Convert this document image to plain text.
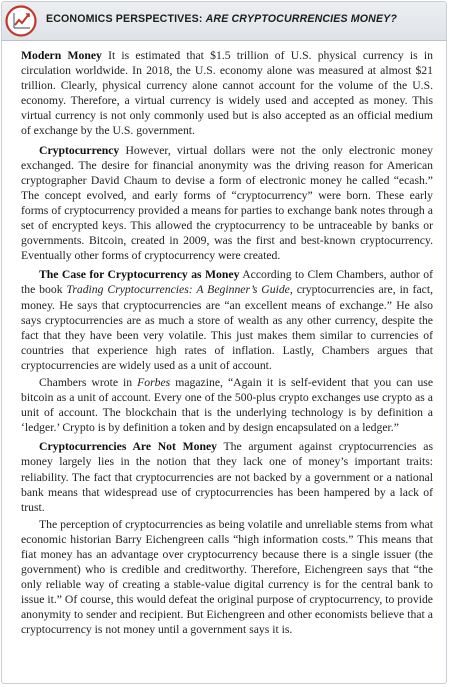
ECONOMICS PERSPECTIVES: ARE CRYPTOCURRENCIES MONEY?

Modern Money It is estimated that $1.5 trillion of U.S. physical currency is in circulation worldwide. In 2018, the U.S. economy alone was measured at almost $21 trillion. Clearly, physical currency alone cannot account for the volume of the U.S. economy. Therefore, a virtual currency is widely used and accepted as money. This virtual currency is not only commonly used but is also accepted as an official medium of exchange by the U.S. government.

Cryptocurrency However, virtual dollars were not the only electronic money exchanged. The desire for financial anonymity was the driving reason for American cryptographer David Chaum to devise a form of electronic money he called “ecash.” The concept evolved, and early forms of “cryptocurrency” were born. These early forms of cryptocurrency provided a means for parties to exchange bank notes through a set of encrypted keys. This allowed the cryptocurrency to be untraceable by banks or governments. Bitcoin, created in 2009, was the first and best-known cryptocurrency. Eventually other forms of cryptocurrency were created.

The Case for Cryptocurrency as Money According to Clem Chambers, author of the book Trading Cryptocurrencies: A Beginner’s Guide, cryptocurrencies are, in fact, money. He says that cryptocurrencies are “an excellent means of exchange.” He also says cryptocurrencies are as much a store of wealth as any other currency, despite the fact that they have been very volatile. This just makes them similar to currencies of countries that experience high rates of inflation. Lastly, Chambers argues that cryptocurrencies are widely used as a unit of account.

Chambers wrote in Forbes magazine, “Again it is self-evident that you can use bitcoin as a unit of account. Every one of the 500-plus crypto exchanges use crypto as a unit of account. The blockchain that is the underlying technology is by definition a ‘ledger.’ Crypto is by definition a token and by design encapsulated on a ledger.”

Cryptocurrencies Are Not Money The argument against cryptocurrencies as money largely lies in the notion that they lack one of money’s important traits: reliability. The fact that cryptocurrencies are not backed by a government or a national bank means that widespread use of cryptocurrencies has been hampered by a lack of trust.

The perception of cryptocurrencies as being volatile and unreliable stems from what economic historian Barry Eichengreen calls “high information costs.” This means that fiat money has an advantage over cryptocurrency because there is a single issuer (the government) who is credible and creditworthy. Therefore, Eichengreen says that “the only reliable way of creating a stable-value digital currency is for the central bank to issue it.” Of course, this would defeat the original purpose of cryptocurrency, to provide anonymity to sender and recipient. But Eichengreen and other economists believe that a cryptocurrency is not money until a government says it is.
